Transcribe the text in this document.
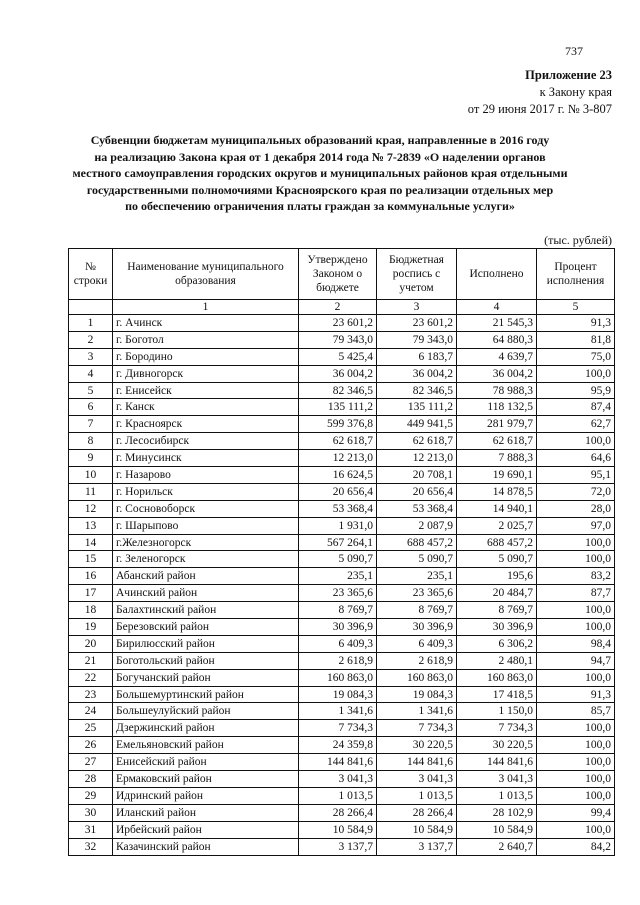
737
Приложение 23
к Закону края
от 29 июня 2017 г. № 3-807
Субвенции бюджетам муниципальных образований края, направленные в 2016 году
на реализацию Закона края от 1 декабря 2014 года № 7-2839 «О наделении органов
местного самоуправления городских округов и муниципальных районов края отдельными
государственными полномочиями Красноярского края по реализации отдельных мер
по обеспечению ограничения платы граждан за коммунальные услуги»
(тыс. рублей)
№ строки	Наименование муниципального образования	Утверждено Законом о бюджете	Бюджетная роспись с учетом	Исполнено	Процент исполнения
	1	2	3	4	5
1	г. Ачинск	23 601,2	23 601,2	21 545,3	91,3
2	г. Боготол	79 343,0	79 343,0	64 880,3	81,8
3	г. Бородино	5 425,4	6 183,7	4 639,7	75,0
4	г. Дивногорск	36 004,2	36 004,2	36 004,2	100,0
5	г. Енисейск	82 346,5	82 346,5	78 988,3	95,9
6	г. Канск	135 111,2	135 111,2	118 132,5	87,4
7	г. Красноярск	599 376,8	449 941,5	281 979,7	62,7
8	г. Лесосибирск	62 618,7	62 618,7	62 618,7	100,0
9	г. Минусинск	12 213,0	12 213,0	7 888,3	64,6
10	г. Назарово	16 624,5	20 708,1	19 690,1	95,1
11	г. Норильск	20 656,4	20 656,4	14 878,5	72,0
12	г. Сосновоборск	53 368,4	53 368,4	14 940,1	28,0
13	г. Шарыпово	1 931,0	2 087,9	2 025,7	97,0
14	г.Железногорск	567 264,1	688 457,2	688 457,2	100,0
15	г. Зеленогорск	5 090,7	5 090,7	5 090,7	100,0
16	Абанский район	235,1	235,1	195,6	83,2
17	Ачинский район	23 365,6	23 365,6	20 484,7	87,7
18	Балахтинский район	8 769,7	8 769,7	8 769,7	100,0
19	Березовский район	30 396,9	30 396,9	30 396,9	100,0
20	Бирилюсский район	6 409,3	6 409,3	6 306,2	98,4
21	Боготольский район	2 618,9	2 618,9	2 480,1	94,7
22	Богучанский район	160 863,0	160 863,0	160 863,0	100,0
23	Большемуртинский район	19 084,3	19 084,3	17 418,5	91,3
24	Большеулуйский район	1 341,6	1 341,6	1 150,0	85,7
25	Дзержинский район	7 734,3	7 734,3	7 734,3	100,0
26	Емельяновский район	24 359,8	30 220,5	30 220,5	100,0
27	Енисейский район	144 841,6	144 841,6	144 841,6	100,0
28	Ермаковский район	3 041,3	3 041,3	3 041,3	100,0
29	Идринский район	1 013,5	1 013,5	1 013,5	100,0
30	Иланский район	28 266,4	28 266,4	28 102,9	99,4
31	Ирбейский район	10 584,9	10 584,9	10 584,9	100,0
32	Казачинский район	3 137,7	3 137,7	2 640,7	84,2
